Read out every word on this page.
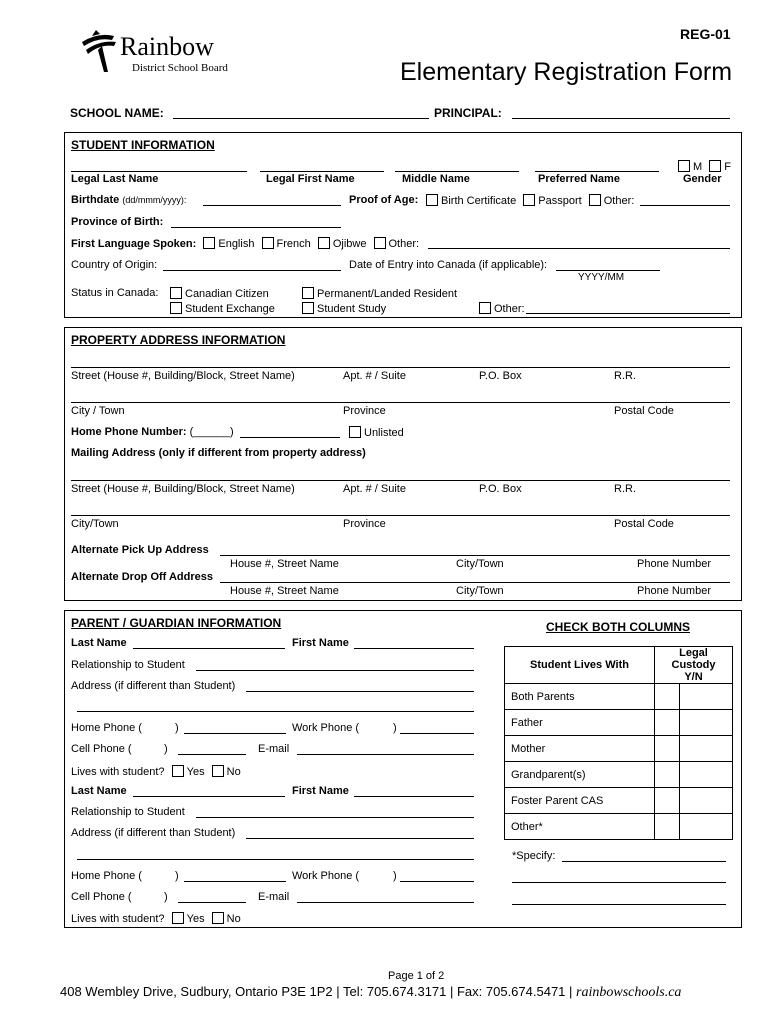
REG-01
Rainbow
District School Board	Elementary Registration Form
SCHOOL NAME:	PRINCIPAL:
STUDENT INFORMATION
M F
Legal Last Name	Legal First Name	Middle Name	Preferred Name	Gender
Birthdate (dd/mmm/yyyy):	Proof of Age:	Birth Certificate Passport Other:
Province of Birth:
First Language Spoken: English French Ojibwe Other:
Country of Origin:	Date of Entry into Canada (if applicable):
YYYY/MM
Status in Canada:	Canadian Citizen	Permanent/Landed Resident
Student Exchange	Student Study	Other:
PROPERTY ADDRESS INFORMATION
Street (House #, Building/Block, Street Name)	Apt. # / Suite	P.O. Box	R.R.
City / Town	Province	Postal Code
Home Phone Number: (______)	Unlisted
Mailing Address (only if different from property address)
Street (House #, Building/Block, Street Name)	Apt. # / Suite	P.O. Box	R.R.
City/Town	Province	Postal Code
Alternate Pick Up Address
House #, Street Name	City/Town	Phone Number
Alternate Drop Off Address
House #, Street Name	City/Town	Phone Number
PARENT / GUARDIAN INFORMATION
Last Name	First Name
Relationship to Student
Address (if different than Student)
Home Phone (	)	Work Phone (	)
Cell Phone (	)	E-mail
Lives with student? Yes No
Last Name	First Name
Relationship to Student
Address (if different than Student)
Home Phone (	)	Work Phone (	)
Cell Phone (	)	E-mail
Lives with student? Yes No
CHECK BOTH COLUMNS
Student Lives With	Legal Custody Y/N
Both Parents	

Father	

Mother	

Grandparent(s)	

Foster Parent CAS	

Other*	
*Specify:
Page 1 of 2
408 Wembley Drive, Sudbury, Ontario P3E 1P2 | Tel: 705.674.3171 | Fax: 705.674.5471 | rainbowschools.ca
